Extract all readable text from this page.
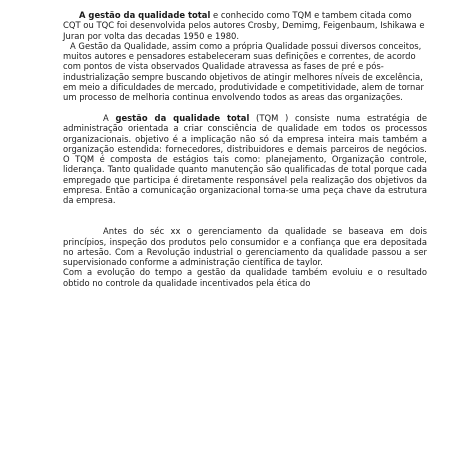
A gestão da qualidade total e conhecido como TQM e tambem citada como CQT ou TQC foi desenvolvida pelos autores Crosby, Demimg, Feigenbaum, Ishikawa e Juran por volta das decadas 1950 e 1980.

A Gestão da Qualidade, assim como a própria Qualidade possui diversos conceitos, muitos autores e pensadores estabeleceram suas definições e correntes, de acordo com pontos de vista observados Qualidade atravessa as fases de pré e pós-industrialização sempre buscando objetivos de atingir melhores níveis de excelência, em meio a dificuldades de mercado, produtividade e competitividade, alem de tornar um processo de melhoria continua envolvendo todos as areas das organizações.

A gestão da qualidade total (TQM ) consiste numa estratégia de administração orientada a criar consciência de qualidade em todos os processos organizacionais. objetivo é a implicação não só da empresa inteira mais também a organização estendida: fornecedores, distribuidores e demais parceiros de negócios. O TQM é composta de estágios tais como: planejamento, Organização controle, liderança. Tanto qualidade quanto manutenção são qualificadas de total porque cada empregado que participa é diretamente responsável pela realização dos objetivos da empresa. Então a comunicação organizacional torna-se uma peça chave da estrutura da empresa.

Antes do séc xx o gerenciamento da qualidade se baseava em dois princípios, inspeção dos produtos pelo consumidor e a confiança que era depositada no artesão. Com a Revolução industrial o gerenciamento da qualidade passou a ser supervisionado conforme a administração científica de taylor.

Com a evolução do tempo a gestão da qualidade também evoluiu e o resultado obtido no controle da qualidade incentivados pela ética do
